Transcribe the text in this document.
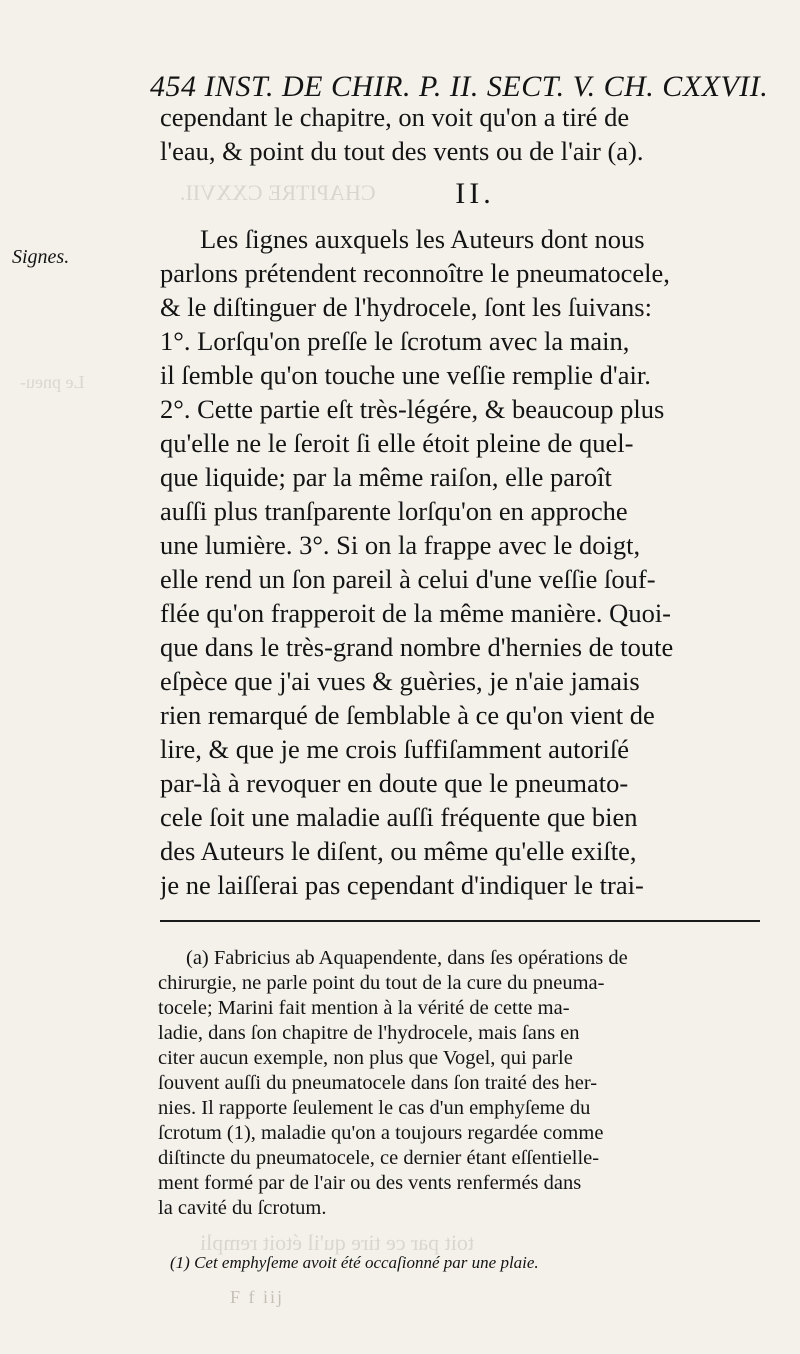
CHAPITRE CXXVII.
Le pneu-
toit par ce tire qu'il étoit rempli
454 INST. DE CHIR. P. II. SECT. V. CH. CXXVII.
Signes.
cependant le chapitre, on voit qu'on a tiré de
l'eau, & point du tout des vents ou de l'air (a).
II.
Les ſignes auxquels les Auteurs dont nous
parlons prétendent reconnoître le pneumatocele,
& le diſtinguer de l'hydrocele, ſont les ſuivans:
1°. Lorſqu'on preſſe le ſcrotum avec la main,
il ſemble qu'on touche une veſſie remplie d'air.
2°. Cette partie eſt très-légére, & beaucoup plus
qu'elle ne le ſeroit ſi elle étoit pleine de quel-
que liquide; par la même raiſon, elle paroît
auſſi plus tranſparente lorſqu'on en approche
une lumière. 3°. Si on la frappe avec le doigt,
elle rend un ſon pareil à celui d'une veſſie ſouf-
flée qu'on frapperoit de la même manière. Quoi-
que dans le très-grand nombre d'hernies de toute
eſpèce que j'ai vues & guèries, je n'aie jamais
rien remarqué de ſemblable à ce qu'on vient de
lire, & que je me crois ſuffiſamment autoriſé
par-là à revoquer en doute que le pneumato-
cele ſoit une maladie auſſi fréquente que bien
des Auteurs le diſent, ou même qu'elle exiſte,
je ne laiſſerai pas cependant d'indiquer le trai-
(a) Fabricius ab Aquapendente, dans ſes opérations de
chirurgie, ne parle point du tout de la cure du pneuma-
tocele; Marini fait mention à la vérité de cette ma-
ladie, dans ſon chapitre de l'hydrocele, mais ſans en
citer aucun exemple, non plus que Vogel, qui parle
ſouvent auſſi du pneumatocele dans ſon traité des her-
nies. Il rapporte ſeulement le cas d'un emphyſeme du
ſcrotum (1), maladie qu'on a toujours regardée comme
diſtincte du pneumatocele, ce dernier étant eſſentielle-
ment formé par de l'air ou des vents renfermés dans
la cavité du ſcrotum.
(1) Cet emphyſeme avoit été occaſionné par une plaie.
F f iij
